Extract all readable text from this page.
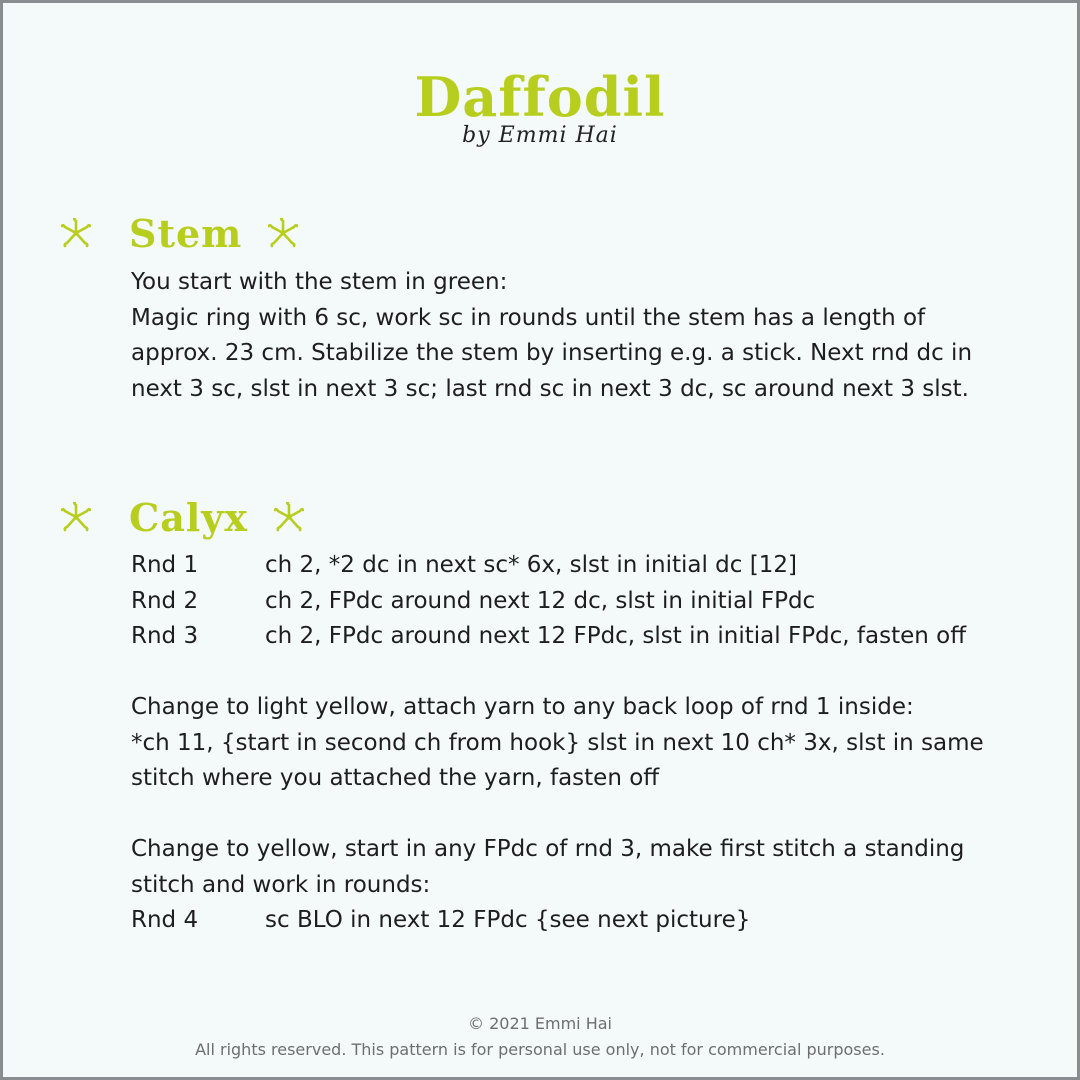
Daffodil
by Emmi Hai
Stem
You start with the stem in green:
Magic ring with 6 sc, work sc in rounds until the stem has a length of
approx. 23 cm. Stabilize the stem by inserting e.g. a stick. Next rnd dc in
next 3 sc, slst in next 3 sc; last rnd sc in next 3 dc, sc around next 3 slst.
Calyx
Rnd 1	ch 2, *2 dc in next sc* 6x, slst in initial dc [12]
Rnd 2	ch 2, FPdc around next 12 dc, slst in initial FPdc
Rnd 3	ch 2, FPdc around next 12 FPdc, slst in initial FPdc, fasten off
Change to light yellow, attach yarn to any back loop of rnd 1 inside:
*ch 11, {start in second ch from hook} slst in next 10 ch* 3x, slst in same
stitch where you attached the yarn, fasten off
Change to yellow, start in any FPdc of rnd 3, make first stitch a standing
stitch and work in rounds:
Rnd 4	sc BLO in next 12 FPdc {see next picture}
© 2021 Emmi Hai
All rights reserved. This pattern is for personal use only, not for commercial purposes.
